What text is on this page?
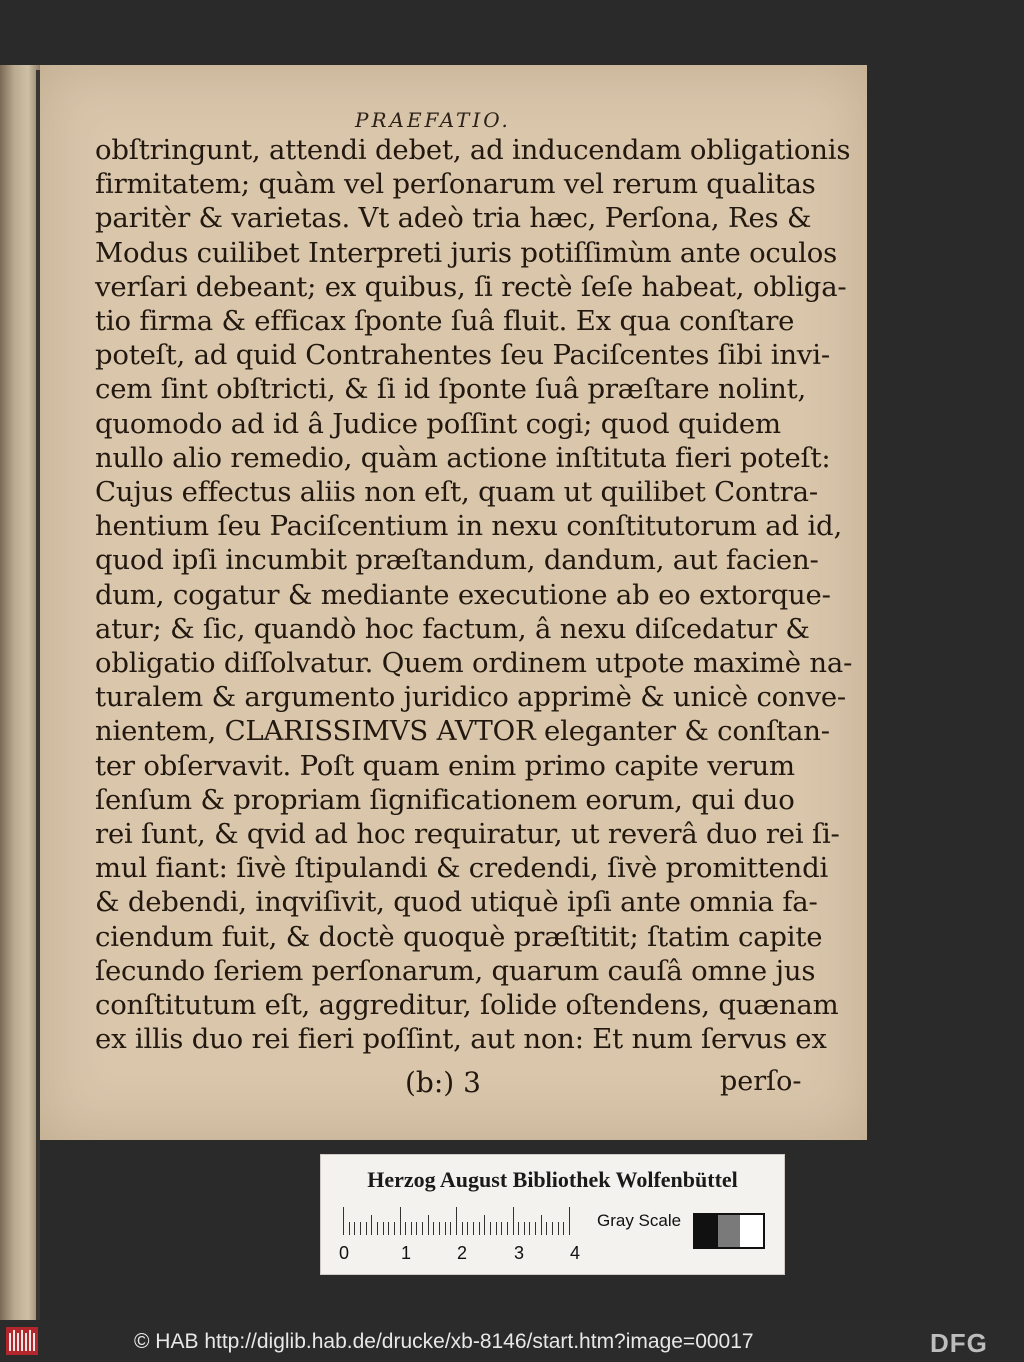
PRAEFATIO.
obſtringunt, attendi debet, ad inducendam obligationis
firmitatem; quàm vel perſonarum vel rerum qualitas
paritèr & varietas. Vt adeò tria hæc, Perſona, Res &
Modus cuilibet Interpreti juris potiſſimùm ante oculos
verſari debeant; ex quibus, ſi rectè ſeſe habeat, obliga-
tio firma & efficax ſponte ſuâ fluit. Ex qua conſtare
poteſt, ad quid Contrahentes ſeu Paciſcentes ſibi invi-
cem ſint obſtricti, & ſi id ſponte ſuâ præſtare nolint,
quomodo ad id â Judice poſſint cogi; quod quidem
nullo alio remedio, quàm actione inſtituta fieri poteſt:
Cujus effectus aliis non eſt, quam ut quilibet Contra-
hentium ſeu Paciſcentium in nexu conſtitutorum ad id,
quod ipſi incumbit præſtandum, dandum, aut facien-
dum, cogatur & mediante executione ab eo extorque-
atur; & ſic, quandò hoc factum, â nexu diſcedatur &
obligatio diſſolvatur. Quem ordinem utpote maximè na-
turalem & argumento juridico apprimè & unicè conve-
nientem, CLARISSIMVS AVTOR eleganter & conſtan-
ter obſervavit. Poſt quam enim primo capite verum
ſenſum & propriam ſignificationem eorum, qui duo
rei ſunt, & qvid ad hoc requiratur, ut reverâ duo rei ſi-
mul fiant: ſivè ſtipulandi & credendi, ſivè promittendi
& debendi, inqviſivit, quod utiquè ipſi ante omnia fa-
ciendum fuit, & doctè quoquè præſtitit; ſtatim capite
ſecundo ſeriem perſonarum, quarum cauſâ omne jus
conſtitutum eſt, aggreditur, ſolide oſtendens, quænam
ex illis duo rei fieri poſſint, aut non: Et num ſervus ex
(b:) 3	perſo-
Herzog August Bibliothek Wolfenbüttel
0	1	2	3	4
Gray Scale
© HAB http://diglib.hab.de/drucke/xb-8146/start.htm?image=00017	DFG
